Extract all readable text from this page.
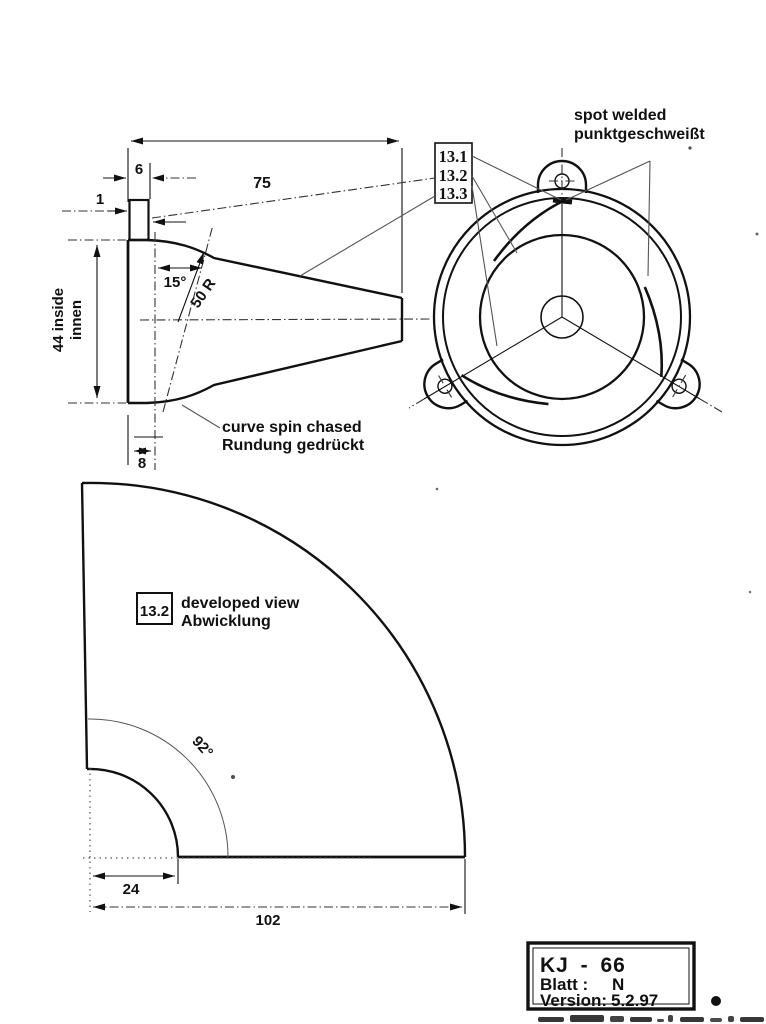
75
6
1
44 inside innen
8
15° 50 R
curve spin chased
Rundung gedrückt
13.1
13.2
13.3
spot welded
punktgeschweißt
92°
24
102
13.2 developed view
Abwicklung
KJ - 66
Blatt : N
Version: 5.2.97
